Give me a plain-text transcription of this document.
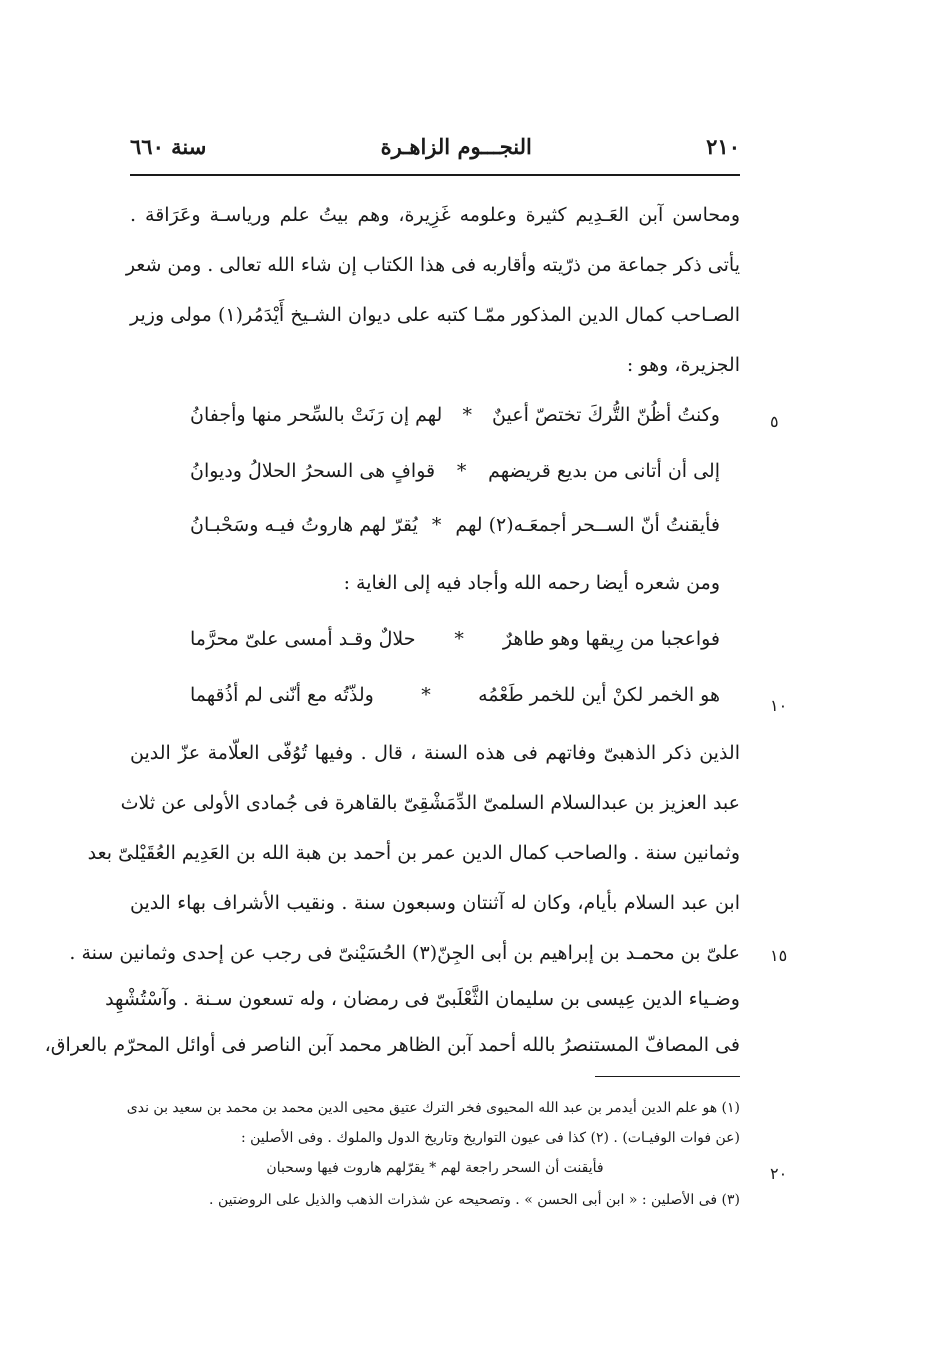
٢١٠
النجـــوم الزاهـرة
سنة ٦٦٠
ومحاسن آبن العَـدِيم كثيرة وعلومه غَزِيرة، وهم بيتُ علم ورياسـة وعَرَاقة .
يأتى ذكر جماعة من ذرّيته وأقاربه فى هذا الكتاب إن شاء الله تعالى . ومن شعر
الصـاحب كمال الدين المذكور ممّـا كتبه على ديوان الشـيخ أَيْدَمُر(١) مولى وزير
الجزيرة، وهو :
وكنتُ أظُنّ التُّركَ تختصّ أعينٌ
*
لهم إن رَنَتْ بالسِّحر منها وأجفانُ
إلى أن أتانى من بديع قريضهم
*
قوافٍ هى السحرُ الحلالُ وديوانُ
فأيقنتُ أنّ الســحر أجمعَـه(٢) لهم
*
يُقرّ لهم هاروتُ فيـه وسَحْبـانُ
ومن شعره أيضا رحمه الله وأجاد فيه إلى الغاية :
فواعجبا من رِيقها وهو طاهرٌ
*
حلالٌ وقـد أمسى علىّ محرَّما
هو الخمر لكنْ أين للخمر طَعْمُه
*
ولذّتُه مع أنّنى لم أذُقهما
الذين ذكر الذهبىّ وفاتهم فى هذه السنة ، قال . وفيها تُوُفّى العلّامة عزّ الدين
عبد العزيز بن عبدالسلام السلمىّ الدِّمَشْقِىّ بالقاهرة فى جُمادى الأولى عن ثلاث
وثمانين سنة . والصاحب كمال الدين عمر بن أحمد بن هبة الله بن العَدِيم العُقَيْلىّ بعد
ابن عبد السلام بأيام، وكان له آثنتان وسبعون سنة . ونقيب الأشراف بهاء الدين
علىّ بن محمـد بن إبراهيم بن أبى الجِنّ(٣) الحُسَيْنىّ فى رجب عن إحدى وثمانين سنة .
وضـياء الدين عِيسى بن سليمان الثَّعْلَبىّ فى رمضان ، وله تسعون سـنة . وآسْتُشْهِد
فى المصافّ المستنصرُ بالله أحمد آبن الظاهر محمد آبن الناصر فى أوائل المحرّم بالعراق،
٥
١٠
١٥
٢٠
(١) هو علم الدين أيدمر بن عبد الله المحيوى فخر الترك عتيق محيى الدين محمد بن محمد بن سعيد بن ندى
(عن فوات الوفيـات) . (٢) كذا فى عيون التواريخ وتاريخ الدول والملوك . وفى الأصلين :
فأيقنت أن السحر راجعة لهم * يقرّلهم هاروت فيها وسحبان
(٣) فى الأصلين : « ابن أبى الحسن » . وتصحيحه عن شذرات الذهب والذيل على الروضتين .
